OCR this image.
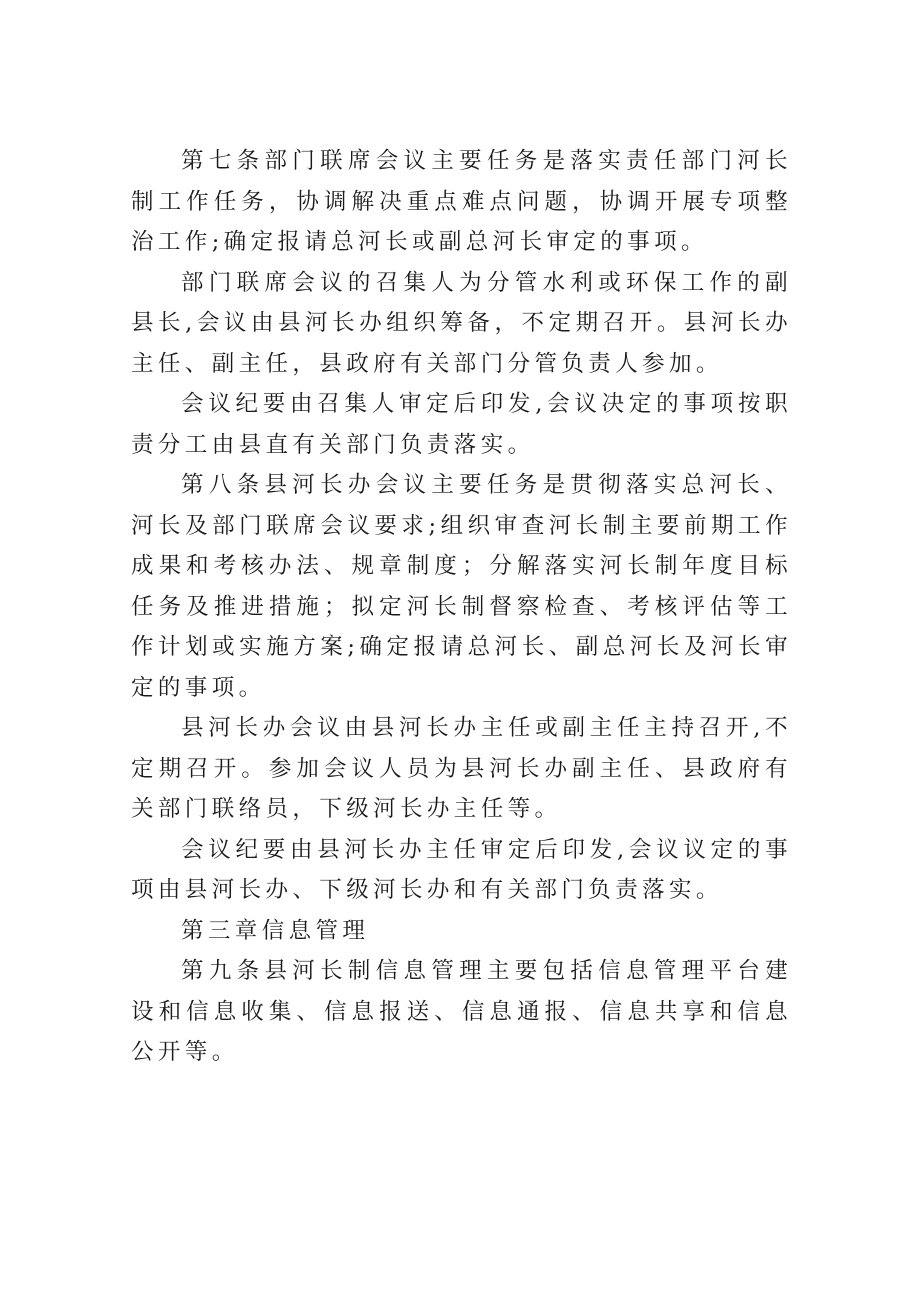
第七条部门联席会议主要任务是落实责任部门河长制工作任务，协调解决重点难点问题，协调开展专项整治工作;确定报请总河长或副总河长审定的事项。

部门联席会议的召集人为分管水利或环保工作的副县长,会议由县河长办组织筹备，不定期召开。县河长办主任、副主任，县政府有关部门分管负责人参加。

会议纪要由召集人审定后印发,会议决定的事项按职责分工由县直有关部门负责落实。

第八条县河长办会议主要任务是贯彻落实总河长、河长及部门联席会议要求;组织审查河长制主要前期工作成果和考核办法、规章制度；分解落实河长制年度目标任务及推进措施；拟定河长制督察检查、考核评估等工作计划或实施方案;确定报请总河长、副总河长及河长审定的事项。

县河长办会议由县河长办主任或副主任主持召开,不定期召开。参加会议人员为县河长办副主任、县政府有关部门联络员，下级河长办主任等。

会议纪要由县河长办主任审定后印发,会议议定的事项由县河长办、下级河长办和有关部门负责落实。

第三章信息管理

第九条县河长制信息管理主要包括信息管理平台建设和信息收集、信息报送、信息通报、信息共享和信息公开等。
